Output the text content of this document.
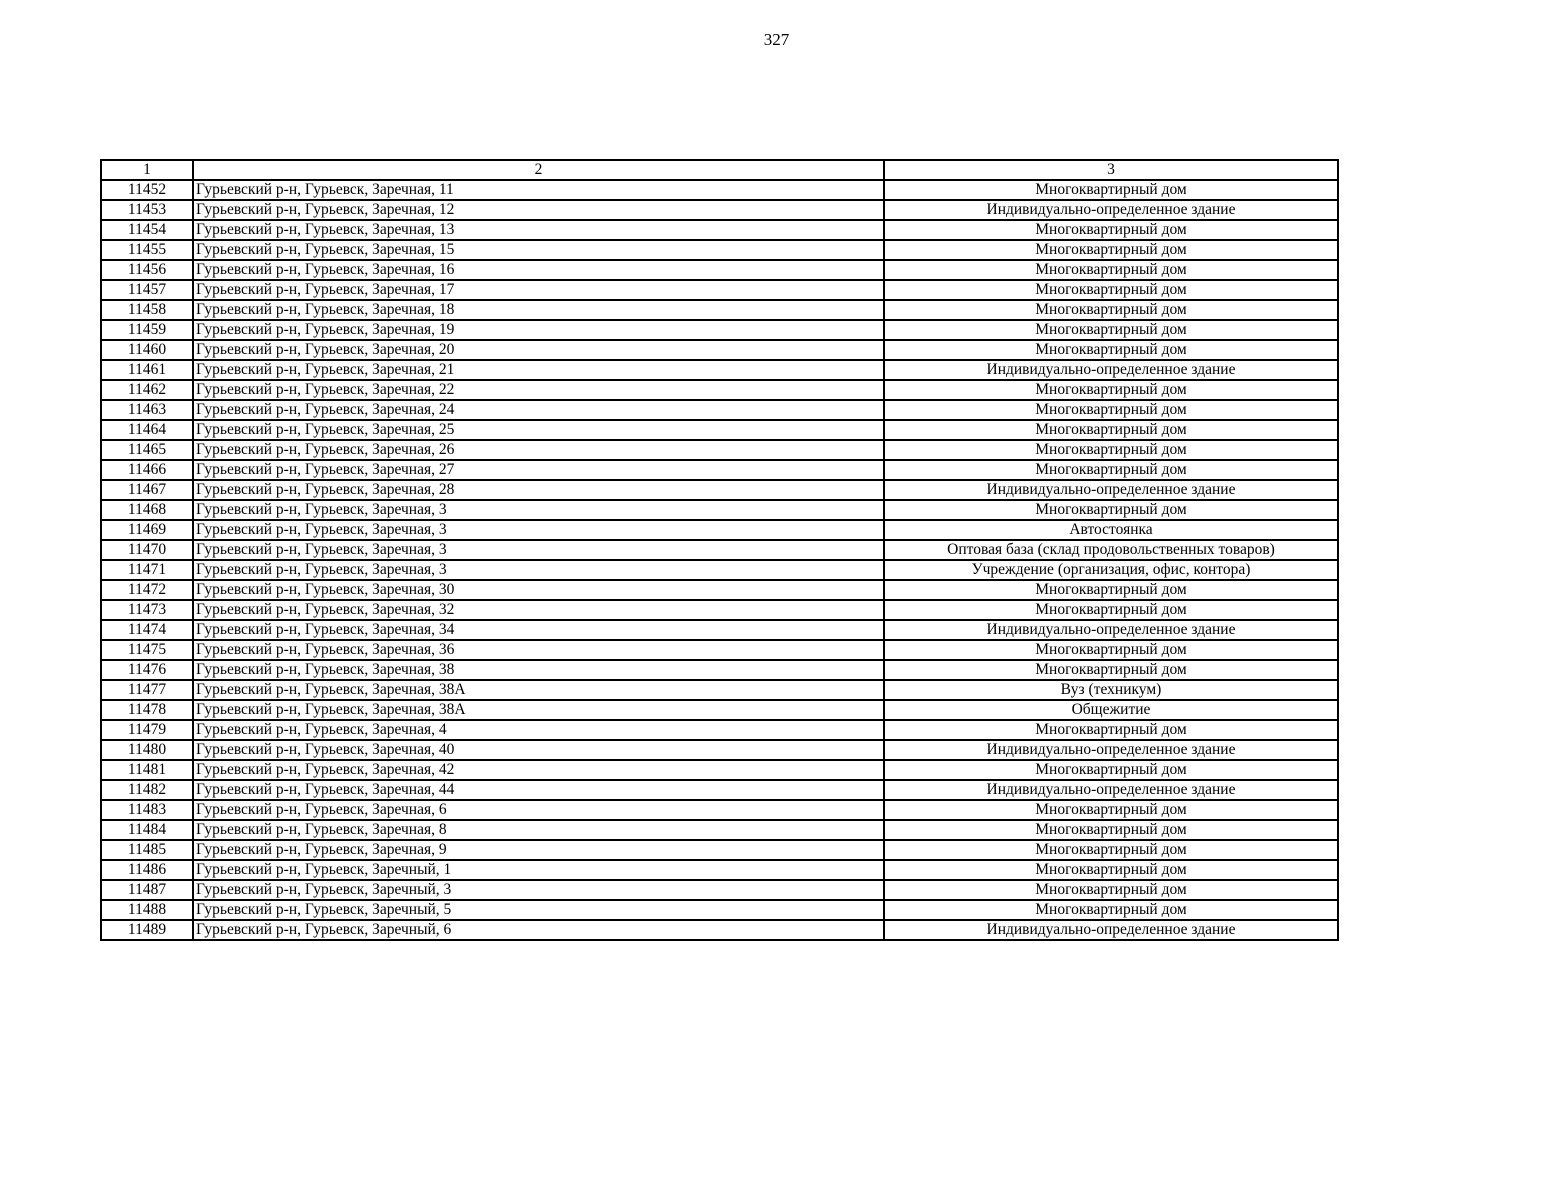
327
1	2	3
11452	Гурьевский р-н, Гурьевск, Заречная, 11	Многоквартирный дом
11453	Гурьевский р-н, Гурьевск, Заречная, 12	Индивидуально-определенное здание
11454	Гурьевский р-н, Гурьевск, Заречная, 13	Многоквартирный дом
11455	Гурьевский р-н, Гурьевск, Заречная, 15	Многоквартирный дом
11456	Гурьевский р-н, Гурьевск, Заречная, 16	Многоквартирный дом
11457	Гурьевский р-н, Гурьевск, Заречная, 17	Многоквартирный дом
11458	Гурьевский р-н, Гурьевск, Заречная, 18	Многоквартирный дом
11459	Гурьевский р-н, Гурьевск, Заречная, 19	Многоквартирный дом
11460	Гурьевский р-н, Гурьевск, Заречная, 20	Многоквартирный дом
11461	Гурьевский р-н, Гурьевск, Заречная, 21	Индивидуально-определенное здание
11462	Гурьевский р-н, Гурьевск, Заречная, 22	Многоквартирный дом
11463	Гурьевский р-н, Гурьевск, Заречная, 24	Многоквартирный дом
11464	Гурьевский р-н, Гурьевск, Заречная, 25	Многоквартирный дом
11465	Гурьевский р-н, Гурьевск, Заречная, 26	Многоквартирный дом
11466	Гурьевский р-н, Гурьевск, Заречная, 27	Многоквартирный дом
11467	Гурьевский р-н, Гурьевск, Заречная, 28	Индивидуально-определенное здание
11468	Гурьевский р-н, Гурьевск, Заречная, 3	Многоквартирный дом
11469	Гурьевский р-н, Гурьевск, Заречная, 3	Автостоянка
11470	Гурьевский р-н, Гурьевск, Заречная, 3	Оптовая база (склад продовольственных товаров)
11471	Гурьевский р-н, Гурьевск, Заречная, 3	Учреждение (организация, офис, контора)
11472	Гурьевский р-н, Гурьевск, Заречная, 30	Многоквартирный дом
11473	Гурьевский р-н, Гурьевск, Заречная, 32	Многоквартирный дом
11474	Гурьевский р-н, Гурьевск, Заречная, 34	Индивидуально-определенное здание
11475	Гурьевский р-н, Гурьевск, Заречная, 36	Многоквартирный дом
11476	Гурьевский р-н, Гурьевск, Заречная, 38	Многоквартирный дом
11477	Гурьевский р-н, Гурьевск, Заречная, 38А	Вуз (техникум)
11478	Гурьевский р-н, Гурьевск, Заречная, 38А	Общежитие
11479	Гурьевский р-н, Гурьевск, Заречная, 4	Многоквартирный дом
11480	Гурьевский р-н, Гурьевск, Заречная, 40	Индивидуально-определенное здание
11481	Гурьевский р-н, Гурьевск, Заречная, 42	Многоквартирный дом
11482	Гурьевский р-н, Гурьевск, Заречная, 44	Индивидуально-определенное здание
11483	Гурьевский р-н, Гурьевск, Заречная, 6	Многоквартирный дом
11484	Гурьевский р-н, Гурьевск, Заречная, 8	Многоквартирный дом
11485	Гурьевский р-н, Гурьевск, Заречная, 9	Многоквартирный дом
11486	Гурьевский р-н, Гурьевск, Заречный, 1	Многоквартирный дом
11487	Гурьевский р-н, Гурьевск, Заречный, 3	Многоквартирный дом
11488	Гурьевский р-н, Гурьевск, Заречный, 5	Многоквартирный дом
11489	Гурьевский р-н, Гурьевск, Заречный, 6	Индивидуально-определенное здание
